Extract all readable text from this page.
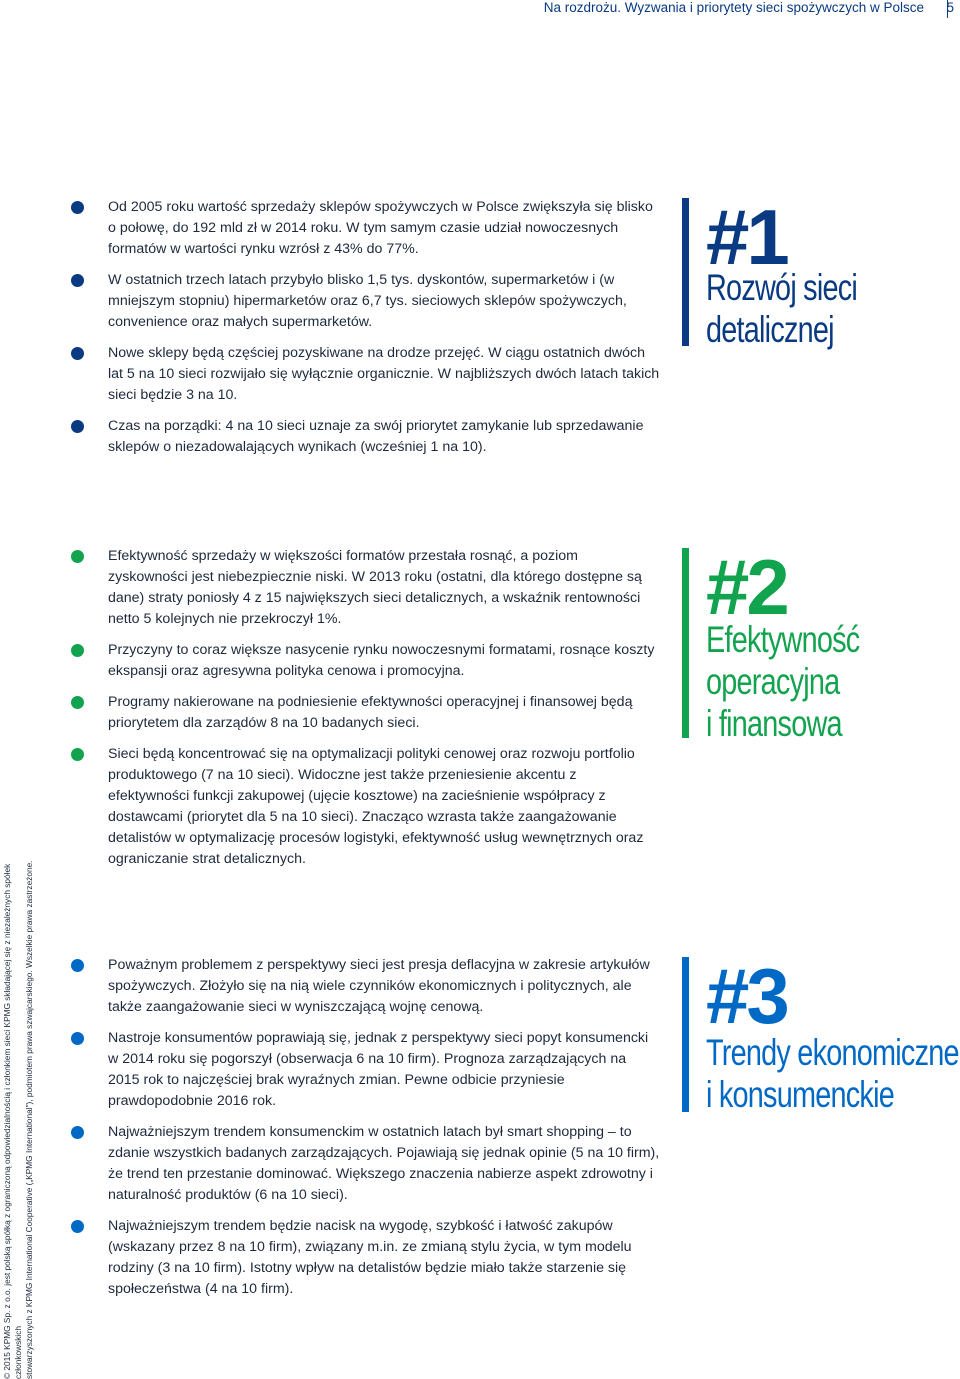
Na rozdrożu. Wyzwania i priorytety sieci spożywczych w Polsce 5
Od 2005 roku wartość sprzedaży sklepów spożywczych w Polsce zwiększyła się blisko o połowę, do 192 mld zł w 2014 roku. W tym samym czasie udział nowoczesnych formatów w wartości rynku wzrósł z 43% do 77%.
W ostatnich trzech latach przybyło blisko 1,5 tys. dyskontów, supermarketów i (w mniejszym stopniu) hipermarketów oraz 6,7 tys. sieciowych sklepów spożywczych, convenience oraz małych supermarketów.
Nowe sklepy będą częściej pozyskiwane na drodze przejęć. W ciągu ostatnich dwóch lat 5 na 10 sieci rozwijało się wyłącznie organicznie. W najbliższych dwóch latach takich sieci będzie 3 na 10.
Czas na porządki: 4 na 10 sieci uznaje za swój priorytet zamykanie lub sprzedawanie sklepów o niezadowalających wynikach (wcześniej 1 na 10).
#1
Rozwój sieci
detalicznej
Efektywność sprzedaży w większości formatów przestała rosnąć, a poziom zyskowności jest niebezpiecznie niski. W 2013 roku (ostatni, dla którego dostępne są dane) straty poniosły 4 z 15 największych sieci detalicznych, a wskaźnik rentowności netto 5 kolejnych nie przekroczył 1%.
Przyczyny to coraz większe nasycenie rynku nowoczesnymi formatami, rosnące koszty ekspansji oraz agresywna polityka cenowa i promocyjna.
Programy nakierowane na podniesienie efektywności operacyjnej i finansowej będą priorytetem dla zarządów 8 na 10 badanych sieci.
Sieci będą koncentrować się na optymalizacji polityki cenowej oraz rozwoju portfolio produktowego (7 na 10 sieci). Widoczne jest także przeniesienie akcentu z efektywności funkcji zakupowej (ujęcie kosztowe) na zacieśnienie współpracy z dostawcami (priorytet dla 5 na 10 sieci). Znacząco wzrasta także zaangażowanie detalistów w optymalizację procesów logistyki, efektywność usług wewnętrznych oraz ograniczanie strat detalicznych.
#2
Efektywność
operacyjna
i finansowa
Poważnym problemem z perspektywy sieci jest presja deflacyjna w zakresie artykułów spożywczych. Złożyło się na nią wiele czynników ekonomicznych i politycznych, ale także zaangażowanie sieci w wyniszczającą wojnę cenową.
Nastroje konsumentów poprawiają się, jednak z perspektywy sieci popyt konsumencki w 2014 roku się pogorszył (obserwacja 6 na 10 firm). Prognoza zarządzających na 2015 rok to najczęściej brak wyraźnych zmian. Pewne odbicie przyniesie prawdopodobnie 2016 rok.
Najważniejszym trendem konsumenckim w ostatnich latach był smart shopping – to zdanie wszystkich badanych zarządzających. Pojawiają się jednak opinie (5 na 10 firm), że trend ten przestanie dominować. Większego znaczenia nabierze aspekt zdrowotny i naturalność produktów (6 na 10 sieci).
Najważniejszym trendem będzie nacisk na wygodę, szybkość i łatwość zakupów (wskazany przez 8 na 10 firm), związany m.in. ze zmianą stylu życia, w tym modelu rodziny (3 na 10 firm). Istotny wpływ na detalistów będzie miało także starzenie się społeczeństwa (4 na 10 firm).
#3
Trendy ekonomiczne
i konsumenckie
© 2015 KPMG Sp. z o.o. jest polską spółką z ograniczoną odpowiedzialnością i członkiem sieci KPMG składającej się z niezależnych spółek członkowskich stowarzyszonych z KPMG International Cooperative („KPMG International"), podmiotem prawa szwajcarskiego. Wszelkie prawa zastrzeżone.
